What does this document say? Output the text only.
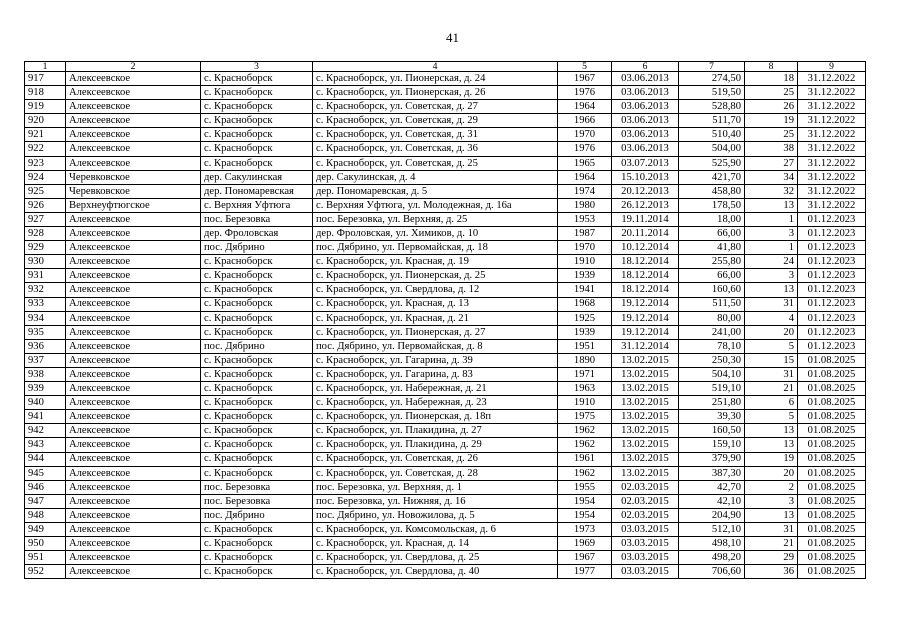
41
1	2	3	4	5	6	7	8	9
917	Алексеевское	с. Красноборск	с. Красноборск, ул. Пионерская, д. 24	1967	03.06.2013	274,50	18	31.12.2022
918	Алексеевское	с. Красноборск	с. Красноборск, ул. Пионерская, д. 26	1976	03.06.2013	519,50	25	31.12.2022
919	Алексеевское	с. Красноборск	с. Красноборск, ул. Советская, д. 27	1964	03.06.2013	528,80	26	31.12.2022
920	Алексеевское	с. Красноборск	с. Красноборск, ул. Советская, д. 29	1966	03.06.2013	511,70	19	31.12.2022
921	Алексеевское	с. Красноборск	с. Красноборск, ул. Советская, д. 31	1970	03.06.2013	510,40	25	31.12.2022
922	Алексеевское	с. Красноборск	с. Красноборск, ул. Советская, д. 36	1976	03.06.2013	504,00	38	31.12.2022
923	Алексеевское	с. Красноборск	с. Красноборск, ул. Советская, д. 25	1965	03.07.2013	525,90	27	31.12.2022
924	Черевковское	дер. Сакулинская	дер. Сакулинская, д. 4	1964	15.10.2013	421,70	34	31.12.2022
925	Черевковское	дер. Пономаревская	дер. Пономаревская, д. 5	1974	20.12.2013	458,80	32	31.12.2022
926	Верхнеуфтюгское	с. Верхняя Уфтюга	с. Верхняя Уфтюга, ул. Молодежная, д. 16а	1980	26.12.2013	178,50	13	31.12.2022
927	Алексеевское	пос. Березовка	пос. Березовка, ул. Верхняя, д. 25	1953	19.11.2014	18,00	1	01.12.2023
928	Алексеевское	дер. Фроловская	дер. Фроловская, ул. Химиков, д. 10	1987	20.11.2014	66,00	3	01.12.2023
929	Алексеевское	пос. Дябрино	пос. Дябрино, ул. Первомайская, д. 18	1970	10.12.2014	41,80	1	01.12.2023
930	Алексеевское	с. Красноборск	с. Красноборск, ул. Красная, д. 19	1910	18.12.2014	255,80	24	01.12.2023
931	Алексеевское	с. Красноборск	с. Красноборск, ул. Пионерская, д. 25	1939	18.12.2014	66,00	3	01.12.2023
932	Алексеевское	с. Красноборск	с. Красноборск, ул. Свердлова, д. 12	1941	18.12.2014	160,60	13	01.12.2023
933	Алексеевское	с. Красноборск	с. Красноборск, ул. Красная, д. 13	1968	19.12.2014	511,50	31	01.12.2023
934	Алексеевское	с. Красноборск	с. Красноборск, ул. Красная, д. 21	1925	19.12.2014	80,00	4	01.12.2023
935	Алексеевское	с. Красноборск	с. Красноборск, ул. Пионерская, д. 27	1939	19.12.2014	241,00	20	01.12.2023
936	Алексеевское	пос. Дябрино	пос. Дябрино, ул. Первомайская, д. 8	1951	31.12.2014	78,10	5	01.12.2023
937	Алексеевское	с. Красноборск	с. Красноборск, ул. Гагарина, д. 39	1890	13.02.2015	250,30	15	01.08.2025
938	Алексеевское	с. Красноборск	с. Красноборск, ул. Гагарина, д. 83	1971	13.02.2015	504,10	31	01.08.2025
939	Алексеевское	с. Красноборск	с. Красноборск, ул. Набережная, д. 21	1963	13.02.2015	519,10	21	01.08.2025
940	Алексеевское	с. Красноборск	с. Красноборск, ул. Набережная, д. 23	1910	13.02.2015	251,80	6	01.08.2025
941	Алексеевское	с. Красноборск	с. Красноборск, ул. Пионерская, д. 18п	1975	13.02.2015	39,30	5	01.08.2025
942	Алексеевское	с. Красноборск	с. Красноборск, ул. Плакидина, д. 27	1962	13.02.2015	160,50	13	01.08.2025
943	Алексеевское	с. Красноборск	с. Красноборск, ул. Плакидина, д. 29	1962	13.02.2015	159,10	13	01.08.2025
944	Алексеевское	с. Красноборск	с. Красноборск, ул. Советская, д. 26	1961	13.02.2015	379,90	19	01.08.2025
945	Алексеевское	с. Красноборск	с. Красноборск, ул. Советская, д. 28	1962	13.02.2015	387,30	20	01.08.2025
946	Алексеевское	пос. Березовка	пос. Березовка, ул. Верхняя, д. 1	1955	02.03.2015	42,70	2	01.08.2025
947	Алексеевское	пос. Березовка	пос. Березовка, ул. Нижняя, д. 16	1954	02.03.2015	42,10	3	01.08.2025
948	Алексеевское	пос. Дябрино	пос. Дябрино, ул. Новожилова, д. 5	1954	02.03.2015	204,90	13	01.08.2025
949	Алексеевское	с. Красноборск	с. Красноборск, ул. Комсомольская, д. 6	1973	03.03.2015	512,10	31	01.08.2025
950	Алексеевское	с. Красноборск	с. Красноборск, ул. Красная, д. 14	1969	03.03.2015	498,10	21	01.08.2025
951	Алексеевское	с. Красноборск	с. Красноборск, ул. Свердлова, д. 25	1967	03.03.2015	498,20	29	01.08.2025
952	Алексеевское	с. Красноборск	с. Красноборск, ул. Свердлова, д. 40	1977	03.03.2015	706,60	36	01.08.2025
